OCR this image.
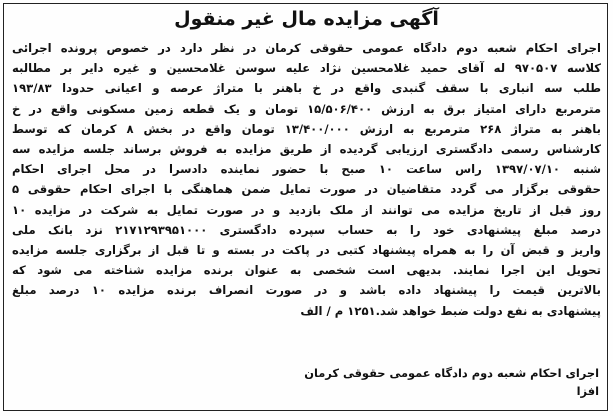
آگهی مزایده مال غیر منقول
اجرای احکام شعبه دوم دادگاه عمومی حقوقی کرمان در نظر دارد در خصوص پرونده اجرائی
کلاسه ۹۷۰۵۰۷ له آقای حمید غلامحسین نژاد علیه سوسن غلامحسین و غیره دایر بر مطالبه
طلب سه انباری با سقف گنبدی واقع در خ باهنر با متراژ عرصه و اعیانی حدودا ۱۹۳/۸۳
مترمربع دارای امتیاز برق به ارزش ۱۵/۵۰۶/۴۰۰ تومان و یک قطعه زمین مسکونی واقع در خ
باهنر به متراژ ۲۶۸ مترمربع به ارزش ۱۳/۴۰۰/۰۰۰ تومان واقع در بخش ۸ کرمان که توسط
کارشناس رسمی دادگستری ارزیابی گردیده از طریق مزایده به فروش برساند جلسه مزایده سه
شنبه ۱۳۹۷/۰۷/۱۰ راس ساعت ۱۰ صبح با حضور نماینده دادسرا در محل اجرای احکام
حقوقی برگزار می گردد متقاضیان در صورت تمایل ضمن هماهنگی با اجرای احکام حقوقی ۵
روز قبل از تاریخ مزایده می توانند از ملک بازدید و در صورت تمایل به شرکت در مزایده ۱۰
درصد مبلغ پیشنهادی خود را به حساب سپرده دادگستری ۲۱۷۱۲۹۳۹۵۱۰۰۰ نزد بانک ملی
واریز و قبض آن را به همراه پیشنهاد کتبی در پاکت در بسته و تا قبل از برگزاری جلسه مزایده
تحویل این اجرا نمایند. بدیهی است شخصی به عنوان برنده مزایده شناخته می شود که
بالاترین قیمت را پیشنهاد داده باشد و در صورت انصراف برنده مزایده ۱۰ درصد مبلغ
پیشنهادی به نفع دولت ضبط خواهد شد.۱۲۵۱ م / الف
اجرای احکام شعبه دوم دادگاه عمومی حقوقی کرمان
افزا
